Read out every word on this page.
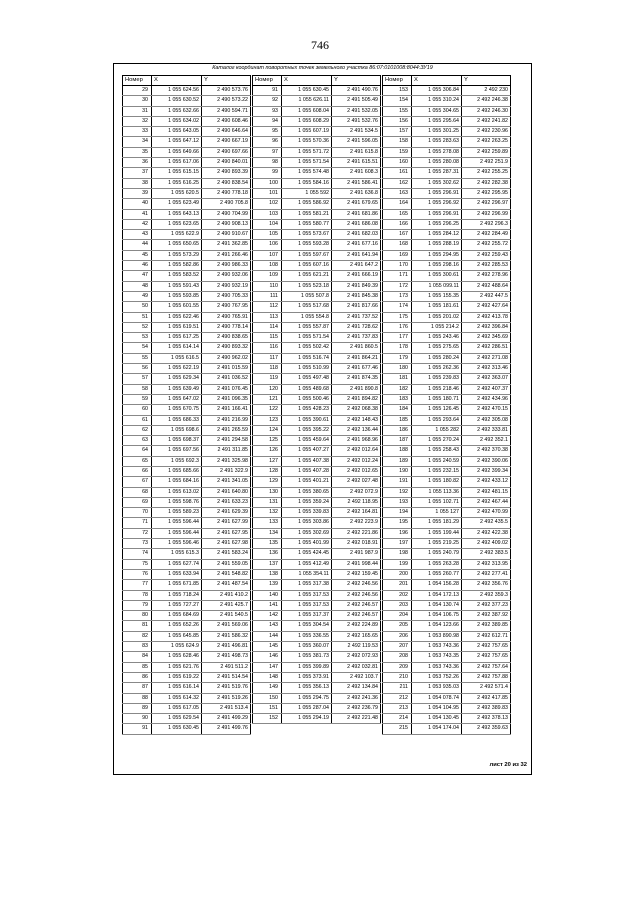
746
Каталог координат поворотных точек земельного участка 86:07:0101008:8044:ЗУ19
Номер	X	Y
29	1 055 624.56	2 490 573.76
30	1 055 630.52	2 490 573.22
31	1 055 632.66	2 490 594.71
32	1 055 634.02	2 490 608.46
33	1 055 643.05	2 490 646.64
34	1 055 647.12	2 490 667.19
35	1 055 649.66	2 490 697.66
36	1 055 617.06	2 490 840.01
37	1 055 615.15	2 490 893.39
38	1 055 616.25	2 490 838.54
39	1 055 620.5	2 490 778.18
40	1 055 623.49	2 490 705.8
41	1 055 643.13	2 490 704.99
42	1 055 623.65	2 490 908.13
43	1 055 622.9	2 490 910.67
44	1 055 650.65	2 491 362.85
45	1 055 573.29	2 491 266.46
46	1 055 582.86	2 490 986.33
47	1 055 583.52	2 490 932.06
48	1 055 591.43	2 490 932.19
49	1 055 593.85	2 490 705.33
50	1 055 601.55	2 490 767.95
51	1 055 622.46	2 490 765.91
52	1 055 619.51	2 490 778.14
53	1 055 617.25	2 490 838.65
54	1 055 614.14	2 490 893.32
55	1 055 616.5	2 490 962.02
56	1 055 622.19	2 491 015.59
57	1 055 629.34	2 491 036.52
58	1 055 639.49	2 491 076.45
59	1 055 647.02	2 491 096.35
60	1 055 670.75	2 491 166.41
61	1 055 686.33	2 491 216.99
62	1 055 698.6	2 491 265.59
63	1 055 698.37	2 491 294.58
64	1 055 697.56	2 491 311.85
65	1 055 692.3	2 491 325.98
66	1 055 685.66	2 491 322.9
67	1 055 684.16	2 491 341.05
68	1 055 613.02	2 491 640.80
69	1 055 598.76	2 491 633.23
70	1 055 589.23	2 491 629.39
71	1 055 596.44	2 491 627.99
72	1 055 596.44	2 491 627.95
73	1 055 596.46	2 491 627.98
74	1 055 615.3	2 491 583.24
75	1 055 627.74	2 491 559.05
76	1 055 633.94	2 491 548.82
77	1 055 671.85	2 491 487.54
78	1 055 718.24	2 491 410.2
79	1 055 727.27	2 491 425.7
80	1 055 684.69	2 491 540.5
81	1 055 652.26	2 491 569.06
82	1 055 645.85	2 491 586.32
83	1 055 624.9	2 491 496.81
84	1 055 628.46	2 491 498.73
85	1 055 621.76	2 491 511.2
86	1 055 619.22	2 491 514.54
87	1 055 616.14	2 491 519.76
88	1 055 614.32	2 491 519.26
89	1 055 617.05	2 491 513.4
90	1 055 629.54	2 491 499.29
91	1 055 630.45	2 491 499.76
Номер	X	Y
91	1 055 630.45	2 491 490.76
92	1 055 626.11	2 491 505.49
93	1 055 608.04	2 491 532.05
94	1 055 608.29	2 491 532.76
95	1 055 607.19	2 491 534.5
96	1 055 570.36	2 491 596.05
97	1 055 571.72	2 491 615.8
98	1 055 571.54	2 491 615.51
99	1 055 574.48	2 491 608.3
100	1 055 584.16	2 491 586.41
101	1 055 592	2 491 636.8
102	1 055 586.92	2 491 679.65
103	1 055 581.21	2 491 681.86
104	1 055 580.77	2 491 686.08
105	1 055 573.67	2 491 682.03
106	1 055 593.28	2 491 677.16
107	1 055 597.67	2 491 641.94
108	1 055 607.16	2 491 647.2
109	1 055 621.21	2 491 666.19
110	1 055 523.18	2 491 849.39
111	1 055 507.8	2 491 845.38
112	1 055 517.68	2 491 817.66
113	1 055 554.8	2 491 737.52
114	1 055 557.87	2 491 728.62
115	1 055 571.54	2 491 737.83
116	1 055 502.42	2 491 860.5
117	1 055 516.74	2 491 864.21
118	1 055 510.99	2 491 677.46
119	1 055 497.48	2 491 874.35
120	1 055 489.68	2 491 890.8
121	1 055 500.46	2 491 894.82
122	1 055 428.23	2 492 068.38
123	1 055 390.61	2 492 148.43
124	1 055 395.22	2 492 136.44
125	1 055 459.64	2 491 968.96
126	1 055 407.27	2 492 012.64
127	1 055 407.38	2 492 012.24
128	1 055 407.28	2 492 012.65
129	1 055 401.21	2 492 027.48
130	1 055 380.65	2 492 072.9
131	1 055 359.24	2 492 118.95
132	1 055 339.83	2 492 164.81
133	1 055 303.86	2 492 223.9
134	1 055 302.69	2 492 221.86
135	1 055 401.99	2 492 018.91
136	1 055 424.45	2 491 987.9
137	1 055 412.49	2 491 998.44
138	1 055 354.11	2 492 159.45
139	1 055 317.38	2 492 246.56
140	1 055 317.53	2 492 246.56
141	1 055 317.53	2 492 246.57
142	1 055 317.37	2 492 246.57
143	1 055 304.54	2 492 224.89
144	1 055 336.55	2 492 165.65
145	1 055 360.07	2 492 119.53
146	1 055 381.73	2 492 072.93
147	1 055 399.89	2 492 032.81
148	1 055 373.91	2 492 103.7
149	1 055 356.13	2 492 134.84
150	1 055 294.75	2 492 241.36
151	1 055 287.04	2 492 236.79
152	1 055 294.19	2 492 221.48
Номер	X	Y
153	1 055 306.84	2 492 230
154	1 055 310.24	2 492 246.38
155	1 055 304.65	2 492 246.30
156	1 055 295.64	2 492 241.82
157	1 055 301.25	2 492 230.96
158	1 055 283.63	2 492 263.25
159	1 055 278.08	2 492 259.89
160	1 055 280.08	2 492 251.9
161	1 055 287.31	2 492 255.25
162	1 055 302.62	2 492 282.38
163	1 055 296.91	2 492 295.95
164	1 055 296.92	2 492 296.97
165	1 055 296.91	2 492 296.99
166	1 055 296.25	2 492 296.3
167	1 055 284.12	2 492 284.49
168	1 055 288.19	2 492 255.72
169	1 055 294.95	2 492 259.43
170	1 055 298.16	2 492 285.53
171	1 055 300.61	2 492 278.96
172	1 055 099.11	2 492 488.64
173	1 055 155.35	2 492 447.5
174	1 055 181.61	2 492 427.64
175	1 055 201.02	2 492 413.78
176	1 055 214.2	2 492 396.84
177	1 055 243.46	2 492 345.69
178	1 055 275.65	2 492 286.51
179	1 055 280.24	2 492 271.08
180	1 055 262.36	2 492 313.46
181	1 055 239.83	2 492 363.07
182	1 055 218.46	2 492 407.37
183	1 055 180.71	2 492 434.96
184	1 055 126.45	2 492 470.15
185	1 055 293.64	2 492 305.08
186	1 055 282	2 492 333.81
187	1 055 270.24	2 492 352.1
188	1 055 258.43	2 492 370.38
189	1 055 240.59	2 492 390.06
190	1 055 232.15	2 492 399.34
191	1 055 180.82	2 492 433.12
192	1 055 113.36	2 492 481.15
193	1 055 102.71	2 492 467.44
194	1 055 127	2 492 470.99
195	1 055 181.29	2 492 435.5
196	1 055 199.44	2 492 422.38
197	1 055 219.25	2 492 409.02
198	1 055 240.79	2 492 383.5
199	1 055 263.28	2 492 313.95
200	1 055 260.77	2 492 277.41
201	1 054 156.28	2 492 356.76
202	1 054 172.13	2 492 359.3
203	1 054 130.74	2 492 377.23
204	1 054 106.75	2 492 387.92
205	1 054 123.66	2 492 389.85
206	1 053 890.98	2 492 612.71
207	1 053 743.36	2 492 757.65
208	1 053 743.35	2 492 757.65
209	1 053 743.36	2 492 757.64
210	1 053 752.26	2 492 757.88
211	1 053 935.03	2 492 571.4
212	1 054 078.74	2 492 417.85
213	1 054 104.95	2 492 389.83
214	1 054 130.45	2 492 378.13
215	1 054 174.04	2 492 359.63
лист 20 из 32
